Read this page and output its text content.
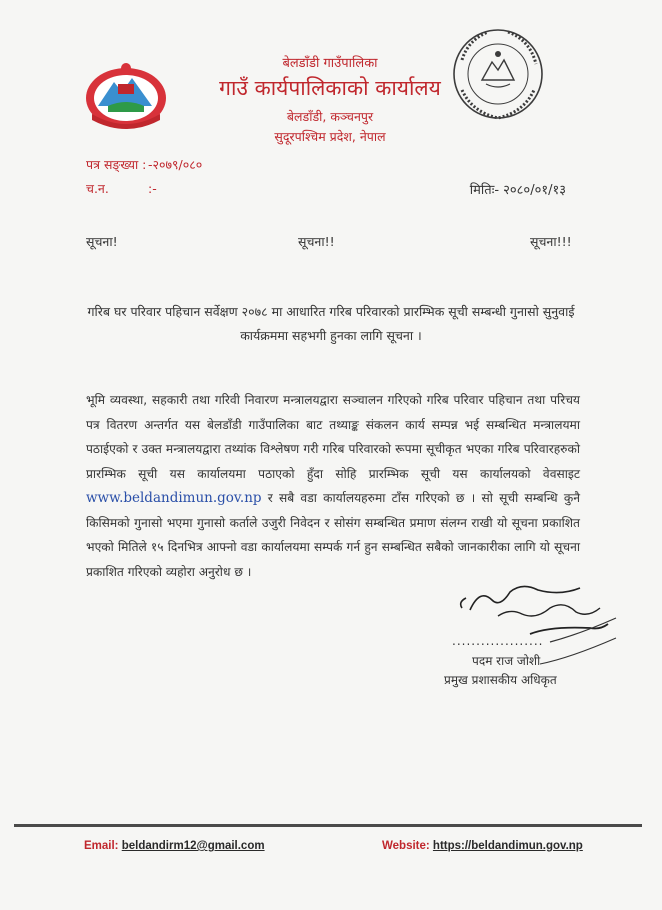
बेलडाँडी गाउँपालिका
गाउँ कार्यपालिकाको कार्यालय
बेलडाँडी, कञ्चनपुर
सुदूरपश्चिम प्रदेश, नेपाल
पत्र सङ्ख्या : -२०७९/०८०
च.न.	:-	मितिः- २०८०/०१/१३
सूचना!	सूचना!!	सूचना!!!
गरिब घर परिवार पहिचान सर्वेक्षण २०७८ मा आधारित गरिब परिवारको प्रारम्भिक सूची सम्बन्धी गुनासो सुनुवाई
कार्यक्रममा सहभगी हुनका लागि सूचना ।
भूमि व्यवस्था, सहकारी तथा गरिवी निवारण मन्त्रालयद्वारा सञ्चालन गरिएको गरिब परिवार पहिचान तथा परिचय पत्र वितरण अन्तर्गत यस बेलडाँडी गाउँपालिका बाट तथ्याङ्क संकलन कार्य सम्पन्न भई सम्बन्धित मन्त्रालयमा पठाईएको र उक्त मन्त्रालयद्वारा तथ्यांक विश्लेषण गरी गरिब परिवारको रूपमा सूचीकृत भएका गरिब परिवारहरुको प्रारम्भिक सूची यस कार्यालयमा पठाएको हुँदा सोहि प्रारम्भिक सूची यस कार्यालयको वेवसाइट www.beldandimun.gov.np र सबै वडा कार्यालयहरुमा टाँस गरिएको छ । सो सूची सम्बन्धि कुनै किसिमको गुनासो भएमा गुनासो कर्ताले उजुरी निवेदन र सोसंग सम्बन्धित प्रमाण संलग्न राखी यो सूचना प्रकाशित भएको मितिले १५ दिनभित्र आफ्नो वडा कार्यालयमा सम्पर्क गर्न हुन सम्बन्धित सबैको जानकारीका लागि यो सूचना प्रकाशित गरिएको व्यहोरा अनुरोध छ ।
...................
पदम राज जोशी
प्रमुख प्रशासकीय अधिकृत
Email: beldandirm12@gmail.com	Website: https://beldandimun.gov.np
